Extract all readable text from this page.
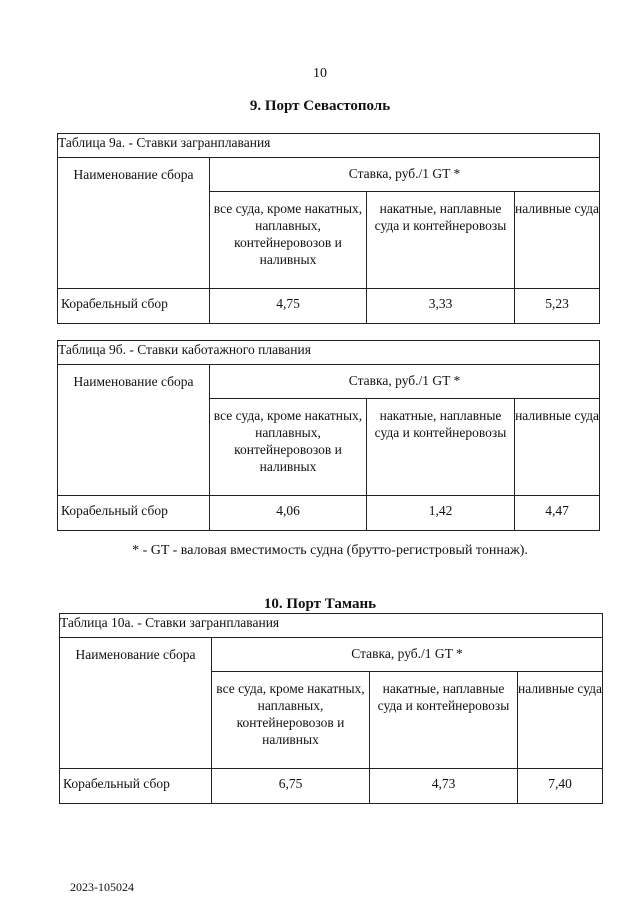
10
9. Порт Севастополь
Таблица 9а. - Ставки загранплавания			
Наименование сбора	Ставка, руб./1 GT *		
	все суда, кроме накатных, наплавных, контейнеровозов и наливных	накатные, наплавные суда и контейнеровозы	наливные суда
Корабельный сбор	4,75	3,33	5,23
Таблица 9б. - Ставки каботажного плавания			
Наименование сбора	Ставка, руб./1 GT *		
	все суда, кроме накатных, наплавных, контейнеровозов и наливных	накатные, наплавные суда и контейнеровозы	наливные суда
Корабельный сбор	4,06	1,42	4,47
* - GT - валовая вместимость судна (брутто-регистровый тоннаж).
10. Порт Тамань
Таблица 10а. - Ставки загранплавания			
Наименование сбора	Ставка, руб./1 GT *		
	все суда, кроме накатных, наплавных, контейнеровозов и наливных	накатные, наплавные суда и контейнеровозы	наливные суда
Корабельный сбор	6,75	4,73	7,40
2023-105024
